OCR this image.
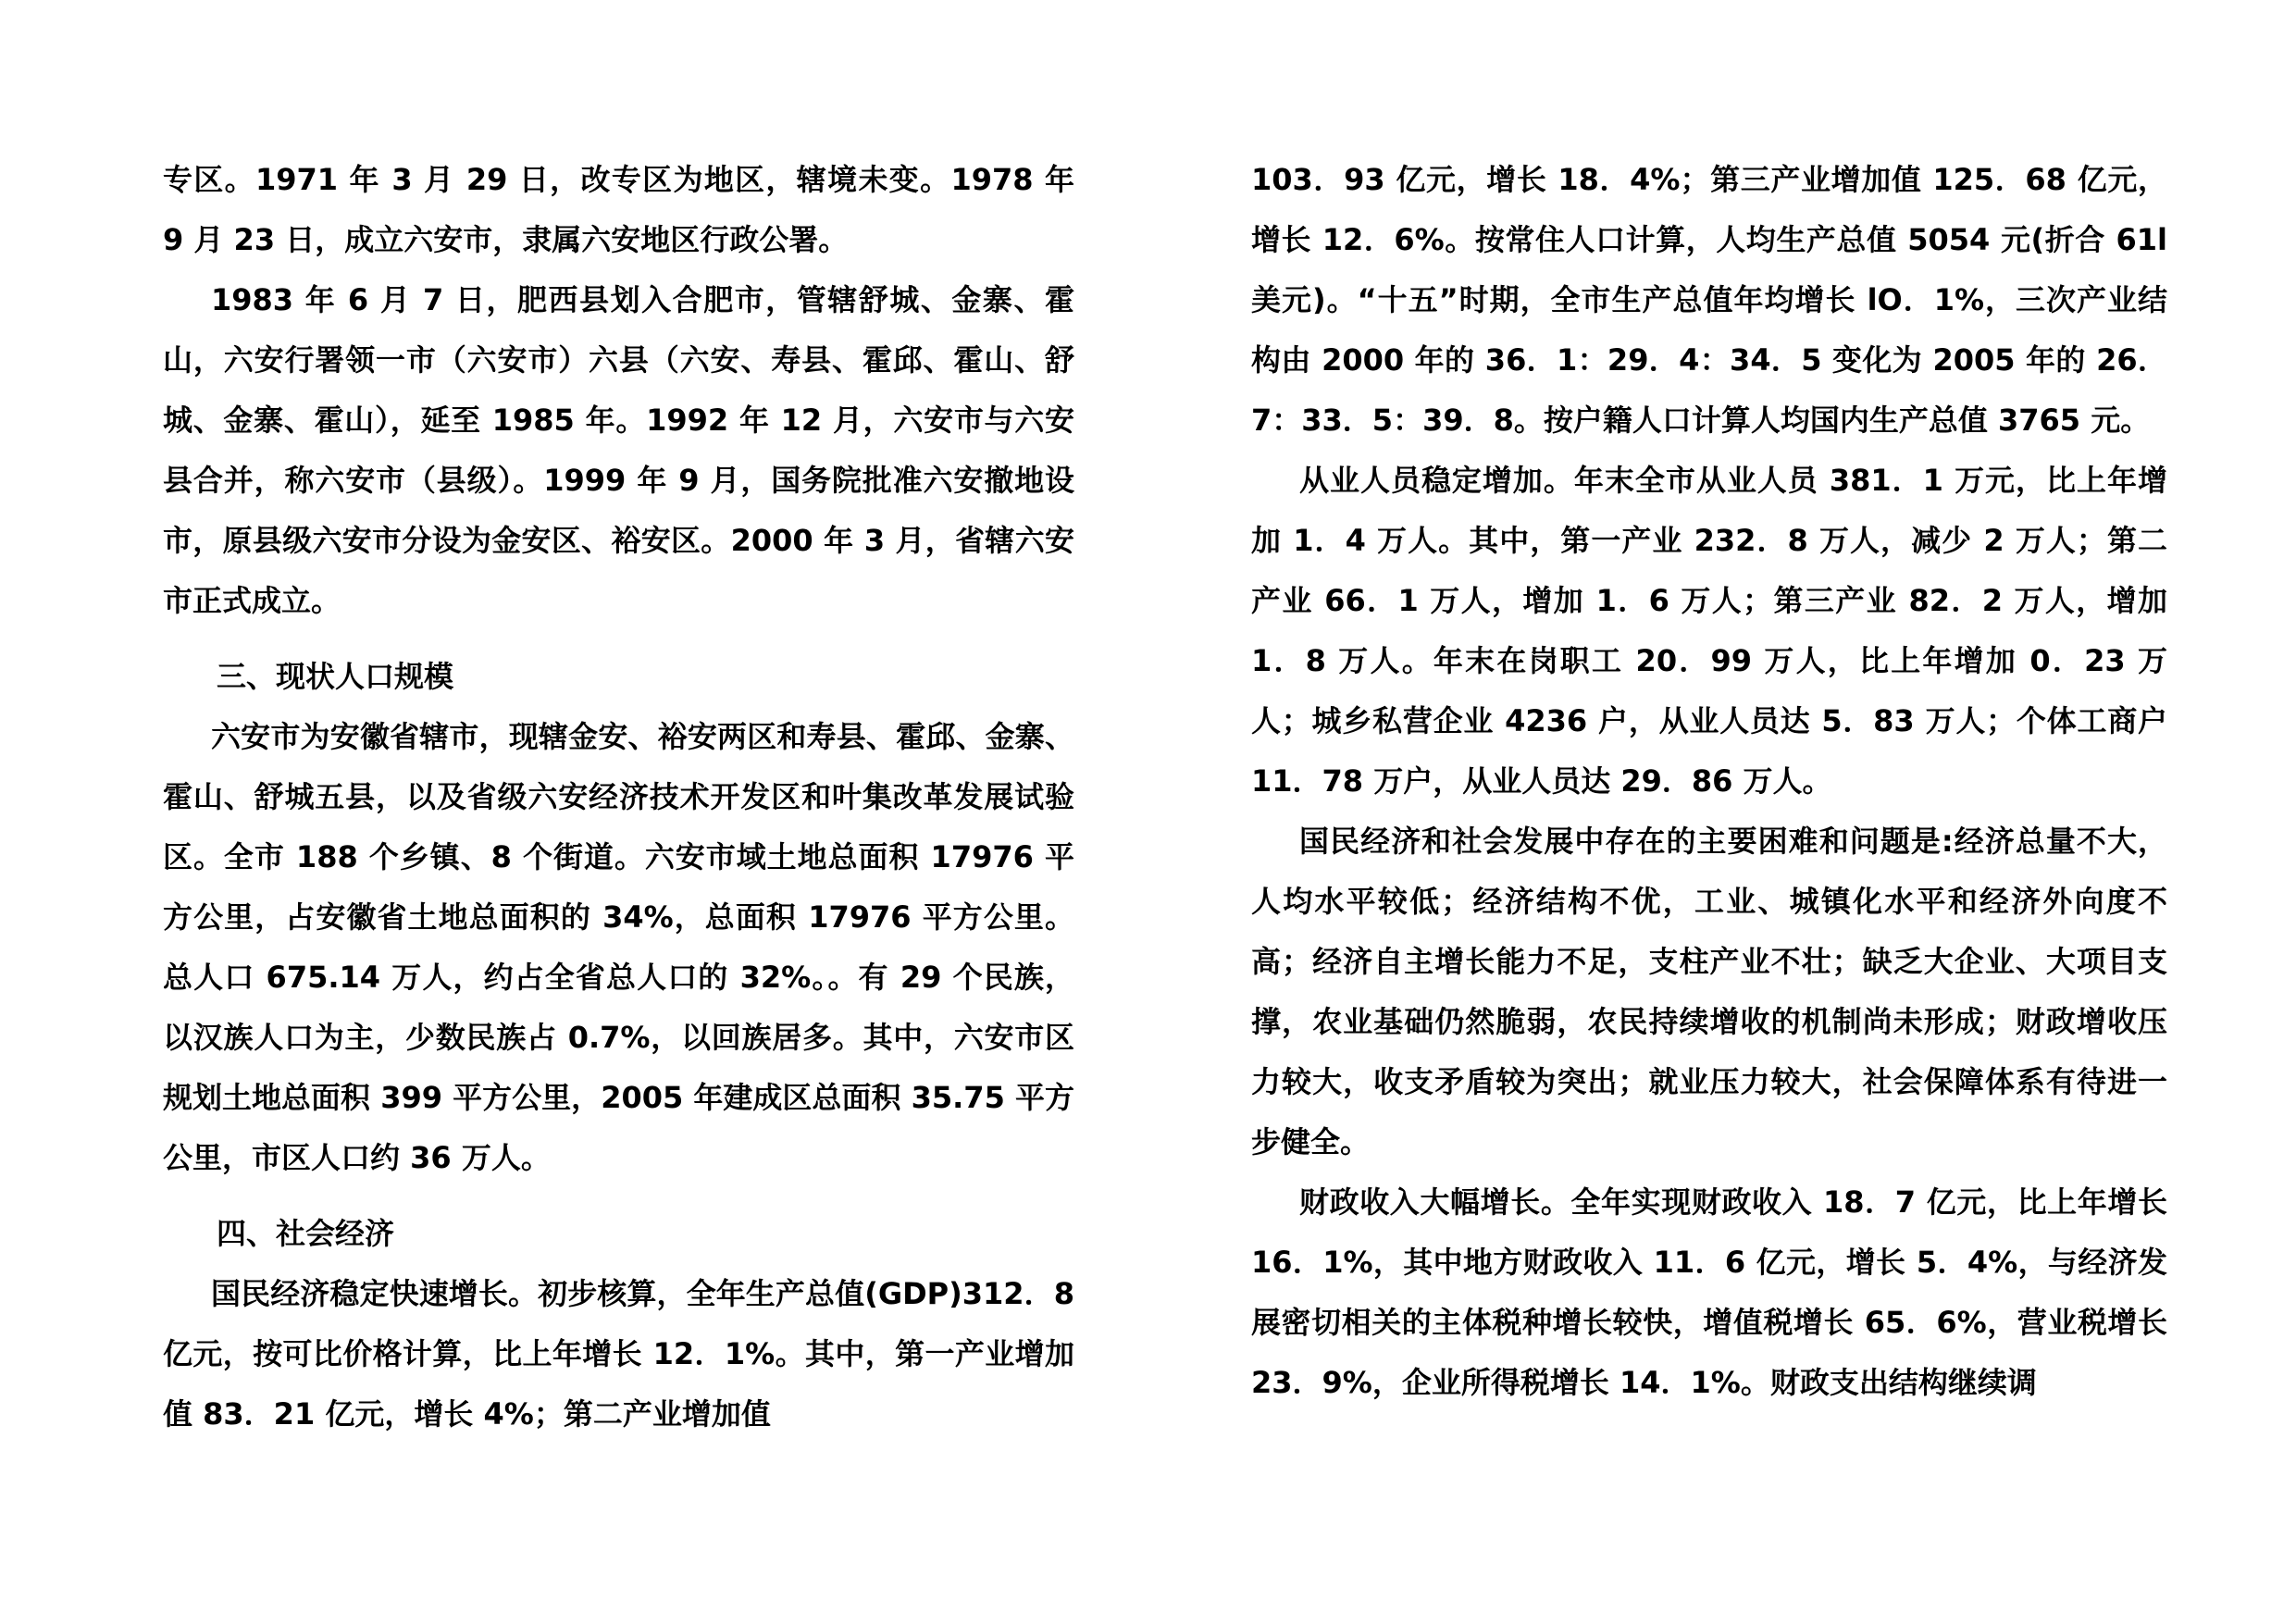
专区。1971 年 3 月 29 日，改专区为地区，辖境未变。1978 年 9 月 23 日，成立六安市，隶属六安地区行政公署。

1983 年 6 月 7 日，肥西县划入合肥市，管辖舒城、金寨、霍山，六安行署领一市（六安市）六县（六安、寿县、霍邱、霍山、舒城、金寨、霍山），延至 1985 年。1992 年 12 月，六安市与六安县合并，称六安市（县级）。1999 年 9 月，国务院批准六安撤地设市，原县级六安市分设为金安区、裕安区。2000 年 3 月，省辖六安市正式成立。

三、现状人口规模

六安市为安徽省辖市，现辖金安、裕安两区和寿县、霍邱、金寨、霍山、舒城五县，以及省级六安经济技术开发区和叶集改革发展试验区。全市 188 个乡镇、8 个街道。六安市域土地总面积 17976 平方公里，占安徽省土地总面积的 34%，总面积 17976 平方公里。总人口 675.14 万人，约占全省总人口的 32%。。有 29 个民族，以汉族人口为主，少数民族占 0.7%，以回族居多。其中，六安市区规划土地总面积 399 平方公里，2005 年建成区总面积 35.75 平方公里，市区人口约 36 万人。

四、社会经济

国民经济稳定快速增长。初步核算，全年生产总值(GDP)312．8 亿元，按可比价格计算，比上年增长 12．1%。其中，第一产业增加值 83．21 亿元，增长 4%；第二产业增加值

103．93 亿元，增长 18．4%；第三产业增加值 125．68 亿元，增长 12．6%。按常住人口计算，人均生产总值 5054 元(折合 61l 美元)。“十五”时期，全市生产总值年均增长 lO．1%，三次产业结构由 2000 年的 36．1：29．4：34．5 变化为 2005 年的 26．7：33．5：39．8。按户籍人口计算人均国内生产总值 3765 元。

从业人员稳定增加。年末全市从业人员 381．1 万元，比上年增加 1．4 万人。其中，第一产业 232．8 万人，减少 2 万人；第二产业 66．1 万人，增加 1．6 万人；第三产业 82．2 万人，增加 1．8 万人。年末在岗职工 20．99 万人，比上年增加 0．23 万人；城乡私营企业 4236 户，从业人员达 5．83 万人；个体工商户 11．78 万户，从业人员达 29．86 万人。

国民经济和社会发展中存在的主要困难和问题是:经济总量不大，人均水平较低；经济结构不优，工业、城镇化水平和经济外向度不高；经济自主增长能力不足，支柱产业不壮；缺乏大企业、大项目支撑，农业基础仍然脆弱，农民持续增收的机制尚未形成；财政增收压力较大，收支矛盾较为突出；就业压力较大，社会保障体系有待进一步健全。

财政收入大幅增长。全年实现财政收入 18．7 亿元，比上年增长 16．1%，其中地方财政收入 11．6 亿元，增长 5．4%，与经济发展密切相关的主体税种增长较快，增值税增长 65．6%，营业税增长 23．9%，企业所得税增长 14．1%。财政支出结构继续调
